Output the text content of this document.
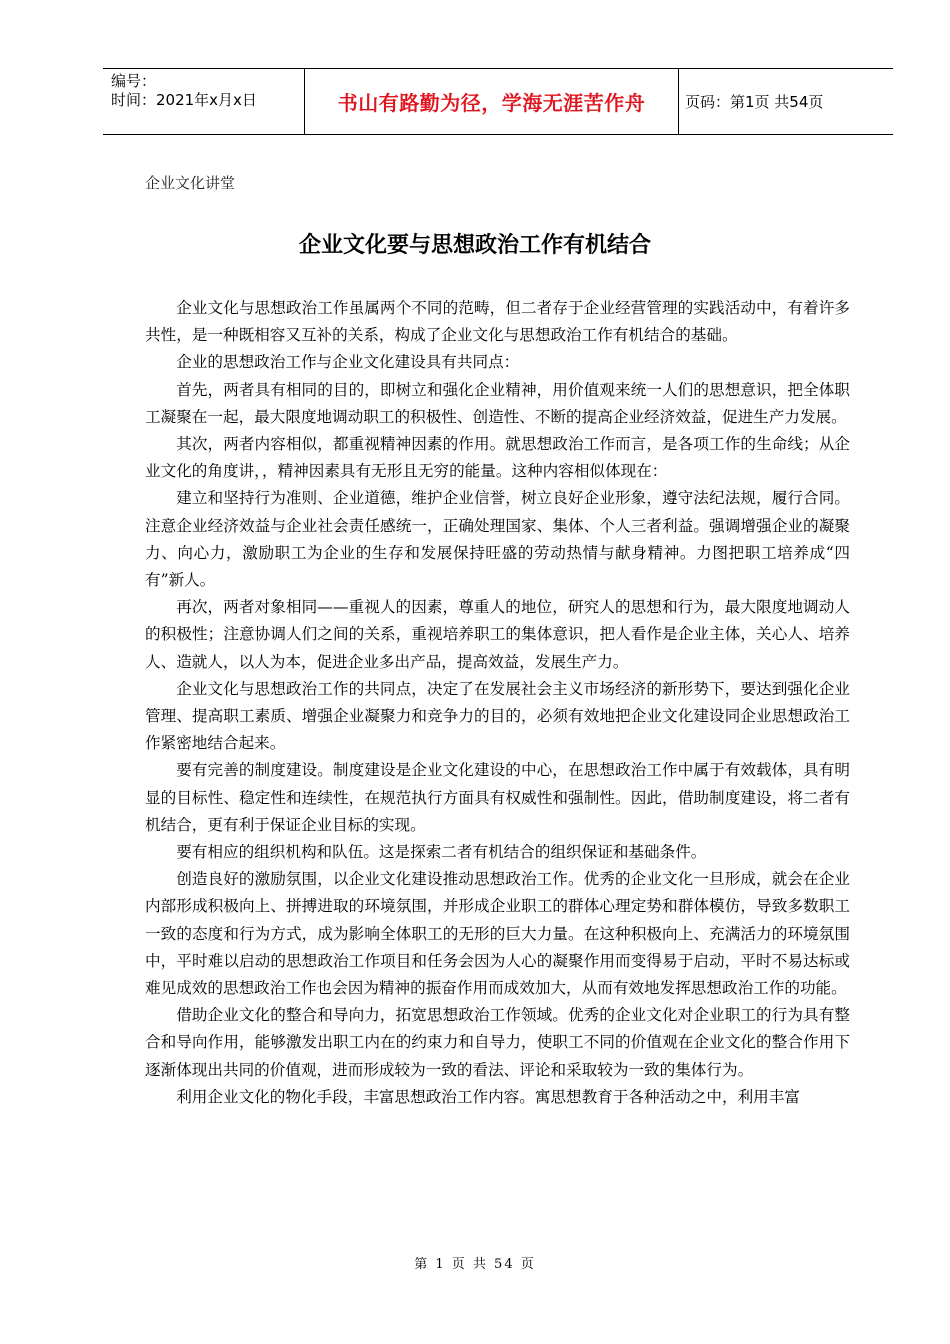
编号：
时间：2021年x月x日	书山有路勤为径，学海无涯苦作舟	页码：第1页 共54页
企业文化讲堂
企业文化要与思想政治工作有机结合

企业文化与思想政治工作虽属两个不同的范畴，但二者存于企业经营管理的实践活动中，有着许多共性，是一种既相容又互补的关系，构成了企业文化与思想政治工作有机结合的基础。

企业的思想政治工作与企业文化建设具有共同点：

首先，两者具有相同的目的，即树立和强化企业精神，用价值观来统一人们的思想意识，把全体职工凝聚在一起，最大限度地调动职工的积极性、创造性、不断的提高企业经济效益，促进生产力发展。

其次，两者内容相似，都重视精神因素的作用。就思想政治工作而言，是各项工作的生命线；从企业文化的角度讲，，精神因素具有无形且无穷的能量。这种内容相似体现在：

建立和坚持行为准则、企业道德，维护企业信誉，树立良好企业形象，遵守法纪法规，履行合同。注意企业经济效益与企业社会责任感统一，正确处理国家、集体、个人三者利益。强调增强企业的凝聚力、向心力，激励职工为企业的生存和发展保持旺盛的劳动热情与献身精神。力图把职工培养成“四有”新人。

再次，两者对象相同——重视人的因素，尊重人的地位，研究人的思想和行为，最大限度地调动人的积极性；注意协调人们之间的关系，重视培养职工的集体意识，把人看作是企业主体，关心人、培养人、造就人，以人为本，促进企业多出产品，提高效益，发展生产力。

企业文化与思想政治工作的共同点，决定了在发展社会主义市场经济的新形势下，要达到强化企业管理、提高职工素质、增强企业凝聚力和竞争力的目的，必须有效地把企业文化建设同企业思想政治工作紧密地结合起来。

要有完善的制度建设。制度建设是企业文化建设的中心，在思想政治工作中属于有效载体，具有明显的目标性、稳定性和连续性，在规范执行方面具有权威性和强制性。因此，借助制度建设，将二者有机结合，更有利于保证企业目标的实现。

要有相应的组织机构和队伍。这是探索二者有机结合的组织保证和基础条件。

创造良好的激励氛围，以企业文化建设推动思想政治工作。优秀的企业文化一旦形成，就会在企业内部形成积极向上、拼搏进取的环境氛围，并形成企业职工的群体心理定势和群体模仿，导致多数职工一致的态度和行为方式，成为影响全体职工的无形的巨大力量。在这种积极向上、充满活力的环境氛围中，平时难以启动的思想政治工作项目和任务会因为人心的凝聚作用而变得易于启动，平时不易达标或难见成效的思想政治工作也会因为精神的振奋作用而成效加大，从而有效地发挥思想政治工作的功能。

借助企业文化的整合和导向力，拓宽思想政治工作领域。优秀的企业文化对企业职工的行为具有整合和导向作用，能够激发出职工内在的约束力和自导力，使职工不同的价值观在企业文化的整合作用下逐渐体现出共同的价值观，进而形成较为一致的看法、评论和采取较为一致的集体行为。

利用企业文化的物化手段，丰富思想政治工作内容。寓思想教育于各种活动之中，利用丰富

第 1 页 共 54 页
